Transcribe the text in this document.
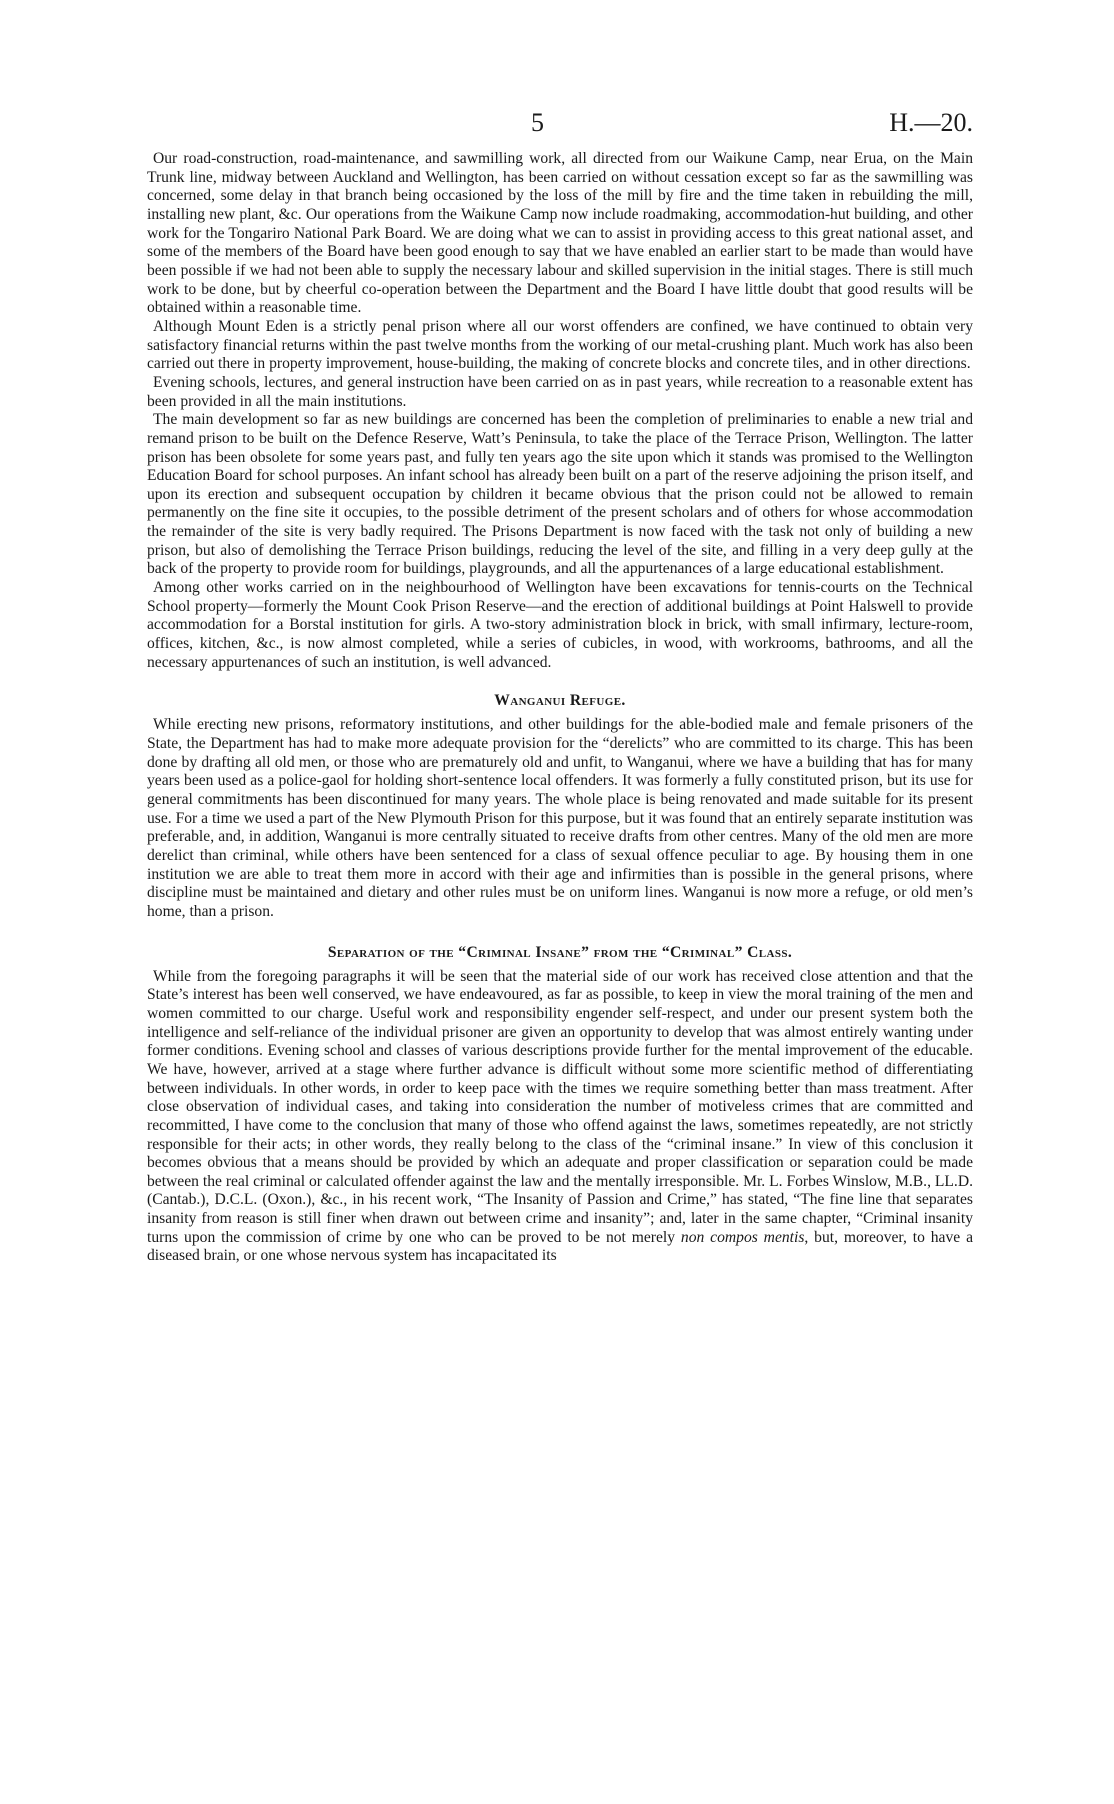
5	H.—20.

Our road-construction, road-maintenance, and sawmilling work, all directed from our Waikune Camp, near Erua, on the Main Trunk line, midway between Auckland and Wellington, has been carried on without cessation except so far as the sawmilling was concerned, some delay in that branch being occasioned by the loss of the mill by fire and the time taken in rebuilding the mill, installing new plant, &c. Our operations from the Waikune Camp now include roadmaking, accommodation-hut building, and other work for the Tongariro National Park Board. We are doing what we can to assist in providing access to this great national asset, and some of the members of the Board have been good enough to say that we have enabled an earlier start to be made than would have been possible if we had not been able to supply the necessary labour and skilled supervision in the initial stages. There is still much work to be done, but by cheerful co-operation between the Department and the Board I have little doubt that good results will be obtained within a reasonable time.

Although Mount Eden is a strictly penal prison where all our worst offenders are confined, we have continued to obtain very satisfactory financial returns within the past twelve months from the working of our metal-crushing plant. Much work has also been carried out there in property improvement, house-building, the making of concrete blocks and concrete tiles, and in other directions.

Evening schools, lectures, and general instruction have been carried on as in past years, while recreation to a reasonable extent has been provided in all the main institutions.

The main development so far as new buildings are concerned has been the completion of preliminaries to enable a new trial and remand prison to be built on the Defence Reserve, Watt’s Peninsula, to take the place of the Terrace Prison, Wellington. The latter prison has been obsolete for some years past, and fully ten years ago the site upon which it stands was promised to the Wellington Education Board for school purposes. An infant school has already been built on a part of the reserve adjoining the prison itself, and upon its erection and subsequent occupation by children it became obvious that the prison could not be allowed to remain permanently on the fine site it occupies, to the possible detriment of the present scholars and of others for whose accommodation the remainder of the site is very badly required. The Prisons Department is now faced with the task not only of building a new prison, but also of demolishing the Terrace Prison buildings, reducing the level of the site, and filling in a very deep gully at the back of the property to provide room for buildings, playgrounds, and all the appurtenances of a large educational establishment.

Among other works carried on in the neighbourhood of Wellington have been excavations for tennis-courts on the Technical School property—formerly the Mount Cook Prison Reserve—and the erection of additional buildings at Point Halswell to provide accommodation for a Borstal institution for girls. A two-story administration block in brick, with small infirmary, lecture-room, offices, kitchen, &c., is now almost completed, while a series of cubicles, in wood, with workrooms, bathrooms, and all the necessary appurtenances of such an institution, is well advanced.

Wanganui Refuge.

While erecting new prisons, reformatory institutions, and other buildings for the able-bodied male and female prisoners of the State, the Department has had to make more adequate provision for the “derelicts” who are committed to its charge. This has been done by drafting all old men, or those who are prematurely old and unfit, to Wanganui, where we have a building that has for many years been used as a police-gaol for holding short-sentence local offenders. It was formerly a fully constituted prison, but its use for general commitments has been discontinued for many years. The whole place is being renovated and made suitable for its present use. For a time we used a part of the New Plymouth Prison for this purpose, but it was found that an entirely separate institution was preferable, and, in addition, Wanganui is more centrally situated to receive drafts from other centres. Many of the old men are more derelict than criminal, while others have been sentenced for a class of sexual offence peculiar to age. By housing them in one institution we are able to treat them more in accord with their age and infirmities than is possible in the general prisons, where discipline must be maintained and dietary and other rules must be on uniform lines. Wanganui is now more a refuge, or old men’s home, than a prison.

Separation of the “Criminal Insane” from the “Criminal” Class.

While from the foregoing paragraphs it will be seen that the material side of our work has received close attention and that the State’s interest has been well conserved, we have endeavoured, as far as possible, to keep in view the moral training of the men and women committed to our charge. Useful work and responsibility engender self-respect, and under our present system both the intelligence and self-reliance of the individual prisoner are given an opportunity to develop that was almost entirely wanting under former conditions. Evening school and classes of various descriptions provide further for the mental improvement of the educable. We have, however, arrived at a stage where further advance is difficult without some more scientific method of differentiating between individuals. In other words, in order to keep pace with the times we require something better than mass treatment. After close observation of individual cases, and taking into consideration the number of motiveless crimes that are committed and recommitted, I have come to the conclusion that many of those who offend against the laws, sometimes repeatedly, are not strictly responsible for their acts; in other words, they really belong to the class of the “criminal insane.” In view of this conclusion it becomes obvious that a means should be provided by which an adequate and proper classification or separation could be made between the real criminal or calculated offender against the law and the mentally irresponsible. Mr. L. Forbes Winslow, M.B., LL.D. (Cantab.), D.C.L. (Oxon.), &c., in his recent work, “The Insanity of Passion and Crime,” has stated, “The fine line that separates insanity from reason is still finer when drawn out between crime and insanity”; and, later in the same chapter, “Criminal insanity turns upon the commission of crime by one who can be proved to be not merely non compos mentis, but, moreover, to have a diseased brain, or one whose nervous system has incapacitated its
